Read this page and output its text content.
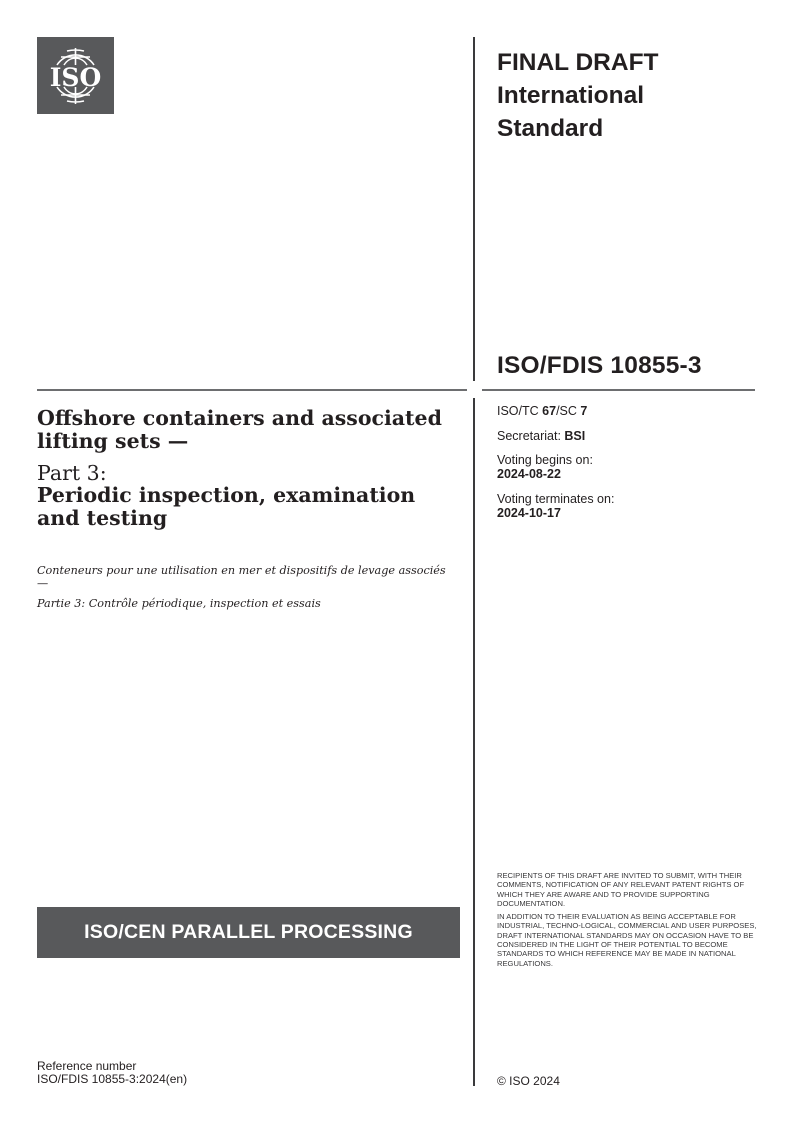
ISO
FINAL DRAFT
International
Standard
ISO/FDIS 10855-3
ISO/TC 67/SC 7
Secretariat: BSI
Voting begins on:
2024-08-22
Voting terminates on:
2024-10-17
Offshore containers and associated lifting sets —
Part 3:
Periodic inspection, examination and testing

Conteneurs pour une utilisation en mer et dispositifs de levage associés —

Partie 3: Contrôle périodique, inspection et essais

ISO/CEN PARALLEL PROCESSING

RECIPIENTS OF THIS DRAFT ARE INVITED TO SUBMIT, WITH THEIR COMMENTS, NOTIFICATION OF ANY RELEVANT PATENT RIGHTS OF WHICH THEY ARE AWARE AND TO PROVIDE SUPPORTING DOCUMENTATION.

IN ADDITION TO THEIR EVALUATION AS BEING ACCEPTABLE FOR INDUSTRIAL, TECHNO-LOGICAL, COMMERCIAL AND USER PURPOSES, DRAFT INTERNATIONAL STANDARDS MAY ON OCCASION HAVE TO BE CONSIDERED IN THE LIGHT OF THEIR POTENTIAL TO BECOME STANDARDS TO WHICH REFERENCE MAY BE MADE IN NATIONAL REGULATIONS.

Reference number
ISO/FDIS 10855-3:2024(en)	© ISO 2024
